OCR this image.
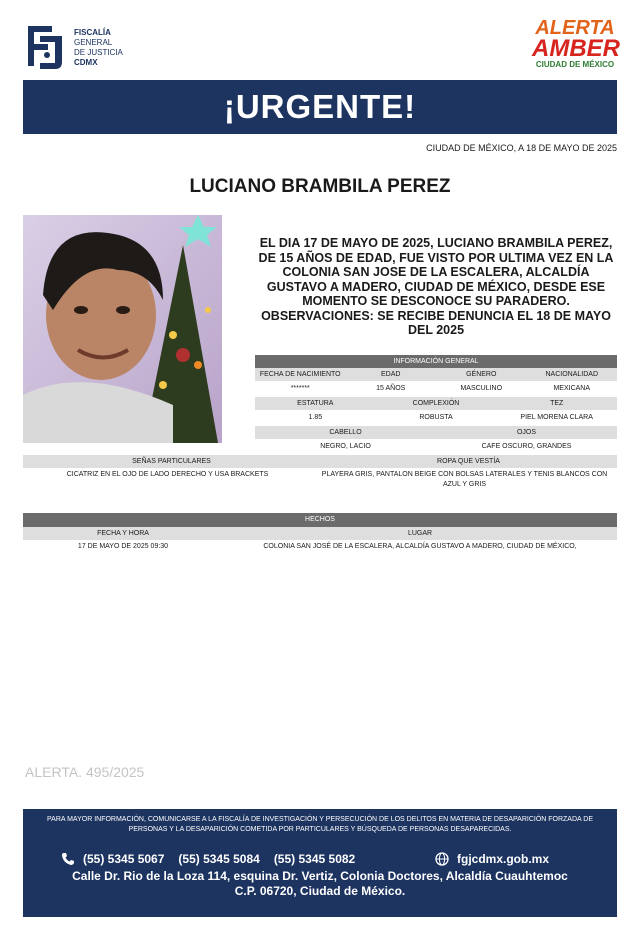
FISCALÍA
GENERAL
DE JUSTICIA
CDMX
ALERTA
AMBER
CIUDAD DE MÉXICO
¡URGENTE!
CIUDAD DE MÉXICO, A 18 DE MAYO DE 2025
LUCIANO BRAMBILA PEREZ
EL DIA 17 DE MAYO DE 2025, LUCIANO BRAMBILA PEREZ, DE 15 AÑOS DE EDAD, FUE VISTO POR ULTIMA VEZ EN LA COLONIA SAN JOSE DE LA ESCALERA, ALCALDÍA GUSTAVO A MADERO, CIUDAD DE MÉXICO, DESDE ESE MOMENTO SE DESCONOCE SU PARADERO. OBSERVACIONES: SE RECIBE DENUNCIA EL 18 DE MAYO DEL 2025
INFORMACIÓN GENERAL
FECHA DE NACIMIENTO	EDAD	GÉNERO	NACIONALIDAD
*******	15 AÑOS	MASCULINO	MEXICANA
ESTATURA	COMPLEXIÓN	TEZ
1.85	ROBUSTA	PIEL MORENA CLARA
CABELLO	OJOS
NEGRO, LACIO	CAFE OSCURO, GRANDES
SEÑAS PARTICULARES	ROPA QUE VESTÍA
CICATRIZ EN EL OJO DE LADO DERECHO Y USA BRACKETS	PLAYERA GRIS, PANTALON BEIGE CON BOLSAS LATERALES Y TENIS BLANCOS CON AZUL Y GRIS
HECHOS
FECHA Y HORA	LUGAR
17 DE MAYO DE 2025 09:30	COLONIA SAN JOSÉ DE LA ESCALERA, ALCALDÍA GUSTAVO A MADERO, CIUDAD DE MÉXICO,
ALERTA. 495/2025
PARA MAYOR INFORMACIÓN, COMUNICARSE A LA FISCALÍA DE INVESTIGACIÓN Y PERSECUCIÓN DE LOS DELITOS EN MATERIA DE DESAPARICIÓN FORZADA DE PERSONAS Y LA DESAPARICIÓN COMETIDA POR PARTICULARES Y BÚSQUEDA DE PERSONAS DESAPARECIDAS.
(55) 5345 5067 (55) 5345 5084 (55) 5345 5082	fgjcdmx.gob.mx
Calle Dr. Rio de la Loza 114, esquina Dr. Vertiz, Colonia Doctores, Alcaldía Cuauhtemoc
C.P. 06720, Ciudad de México.
